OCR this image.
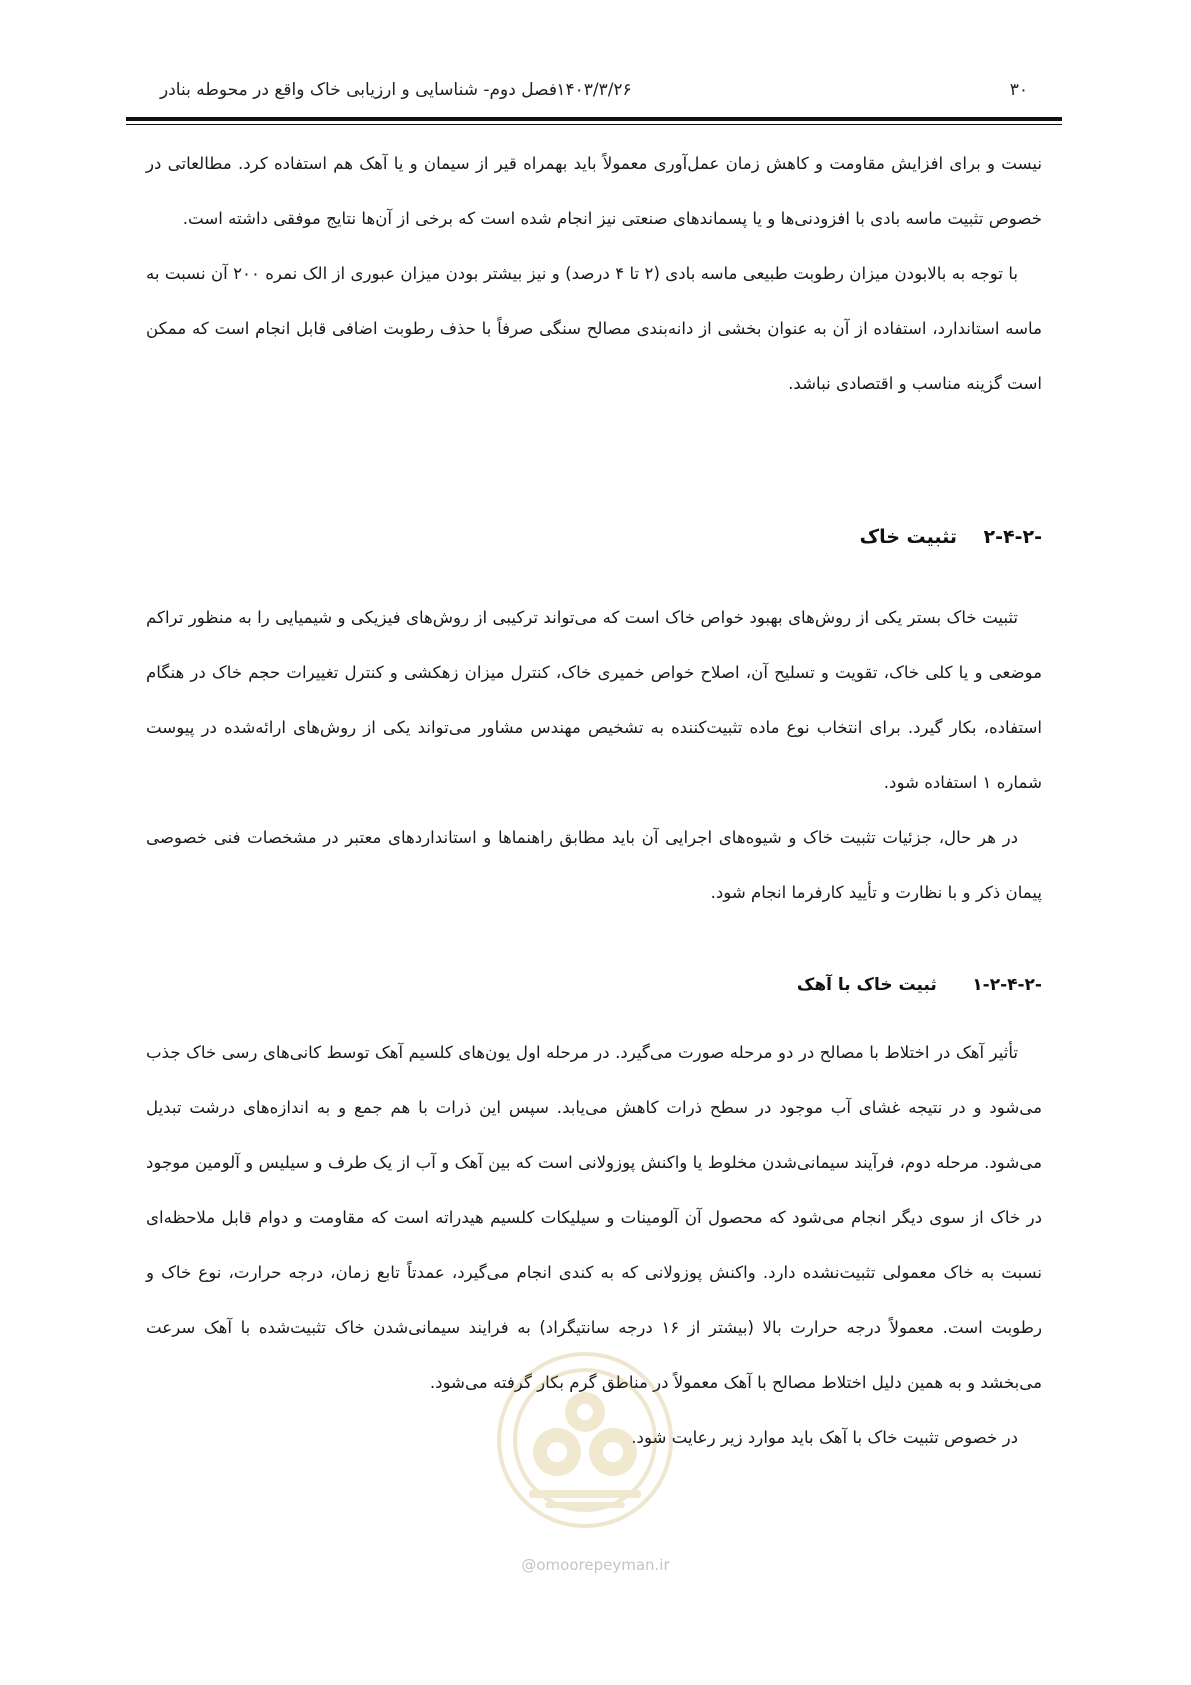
۳۰
۱۴۰۳/۳/۲۶
فصل دوم- شناسایی و ارزیابی خاک واقع در محوطه بنادر

نیست و برای افزایش مقاومت و کاهش زمان عمل‌آوری معمولاً باید بهمراه قیر از سیمان و یا آهک هم استفاده کرد. مطالعاتی در خصوص تثبیت ماسه بادی با افزودنی‌ها و یا پسماندهای صنعتی نیز انجام شده است که برخی از آن‌ها نتایج موفقی داشته است.

با توجه به بالابودن میزان رطوبت طبیعی ماسه بادی (۲ تا ۴ درصد) و نیز بیشتر بودن میزان عبوری از الک نمره ۲۰۰ آن نسبت به ماسه استاندارد، استفاده از آن به عنوان بخشی از دانه‌بندی مصالح سنگی صرفاً با حذف رطوبت اضافی قابل انجام است که ممکن است گزینه مناسب و اقتصادی نباشد.

۲-۴-۲-    تثبیت خاک

تثبیت خاک بستر یکی از روش‌های بهبود خواص خاک است که می‌تواند ترکیبی از روش‌های فیزیکی و شیمیایی را به منظور تراکم موضعی و یا کلی خاک، تقویت و تسلیح آن، اصلاح خواص خمیری خاک، کنترل میزان زهکشی و کنترل تغییرات حجم خاک در هنگام استفاده، بکار گیرد. برای انتخاب نوع ماده تثبیت‌کننده به تشخیص مهندس مشاور می‌تواند یکی از روش‌های ارائه‌شده در پیوست شماره ۱ استفاده شود.

در هر حال، جزئیات تثبیت خاک و شیوه‌های اجرایی آن باید مطابق راهنماها و استانداردهای معتبر در مشخصات فنی خصوصی پیمان ذکر و با نظارت و تأیید کارفرما انجام شود.

۱-۲-۴-۲-      ثبیت خاک با آهک

تأثیر آهک در اختلاط با مصالح در دو مرحله صورت می‌گیرد. در مرحله اول یون‌های کلسیم آهک توسط کانی‌های رسی خاک جذب می‌شود و در نتیجه غشای آب موجود در سطح ذرات کاهش می‌یابد. سپس این ذرات با هم جمع و به اندازه‌های درشت تبدیل می‌شود. مرحله دوم، فرآیند سیمانی‌شدن مخلوط یا واکنش پوزولانی است که بین آهک و آب از یک طرف و سیلیس و آلومین موجود در خاک از سوی دیگر انجام می‌شود که محصول آن آلومینات و سیلیکات کلسیم هیدراته است که مقاومت و دوام قابل ملاحظه‌ای نسبت به خاک معمولی تثبیت‌نشده دارد. واکنش پوزولانی که به کندی انجام می‌گیرد، عمدتاً تابع زمان، درجه حرارت، نوع خاک و رطوبت است. معمولاً درجه حرارت بالا (بیشتر از ۱۶ درجه سانتیگراد) به فرایند سیمانی‌شدن خاک تثبیت‌شده با آهک سرعت می‌بخشد و به همین دلیل اختلاط مصالح با آهک معمولاً در مناطق گرم بکار گرفته می‌شود.

در خصوص تثبیت خاک با آهک باید موارد زیر رعایت شود.

@omoorepeyman.ir
